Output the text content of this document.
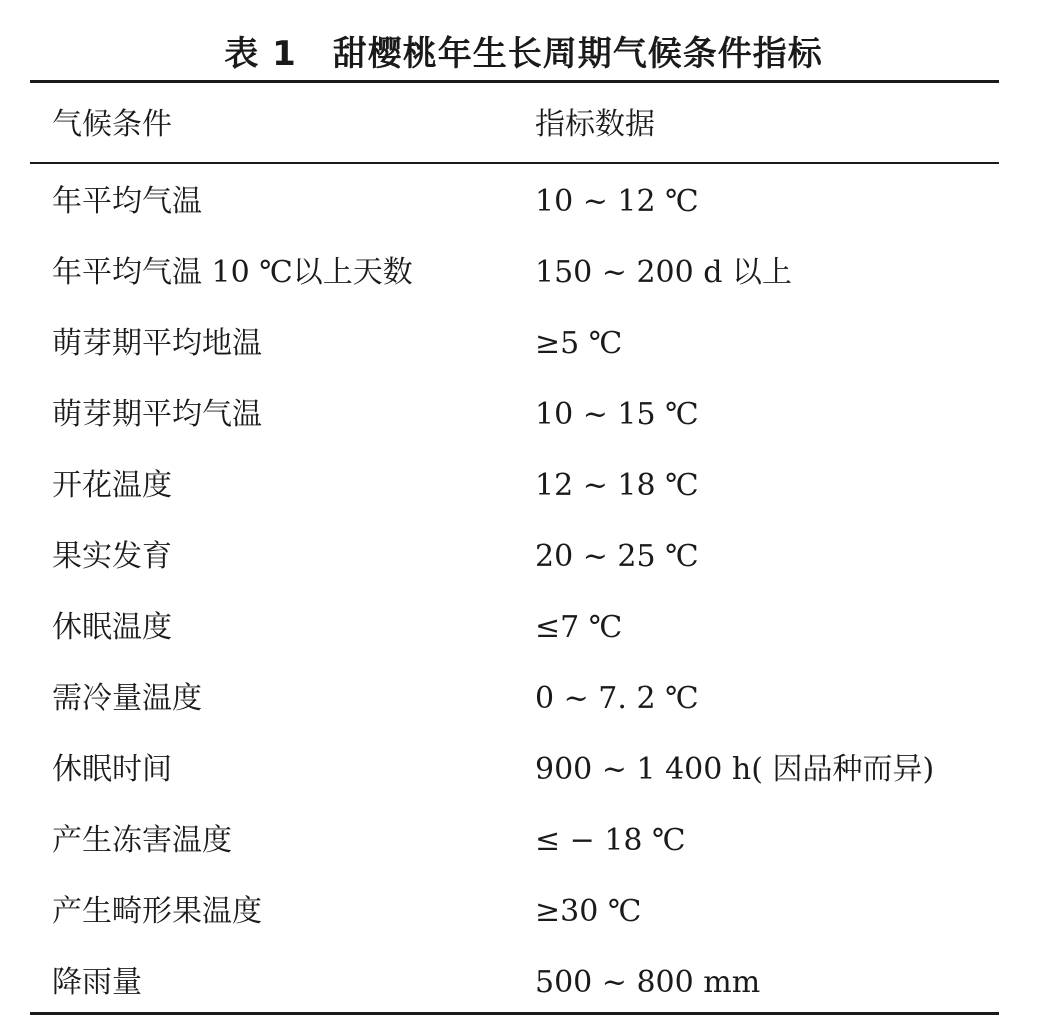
表 1 甜樱桃年生长周期气候条件指标
气候条件	指标数据
年平均气温	10 ~ 12 ℃
年平均气温 10 ℃以上天数	150 ~ 200 d 以上
萌芽期平均地温	≥5 ℃
萌芽期平均气温	10 ~ 15 ℃
开花温度	12 ~ 18 ℃
果实发育	20 ~ 25 ℃
休眠温度	≤7 ℃
需冷量温度	0 ~ 7. 2 ℃
休眠时间	900 ~ 1 400 h( 因品种而异)
产生冻害温度	≤ − 18 ℃
产生畸形果温度	≥30 ℃
降雨量	500 ~ 800 mm
